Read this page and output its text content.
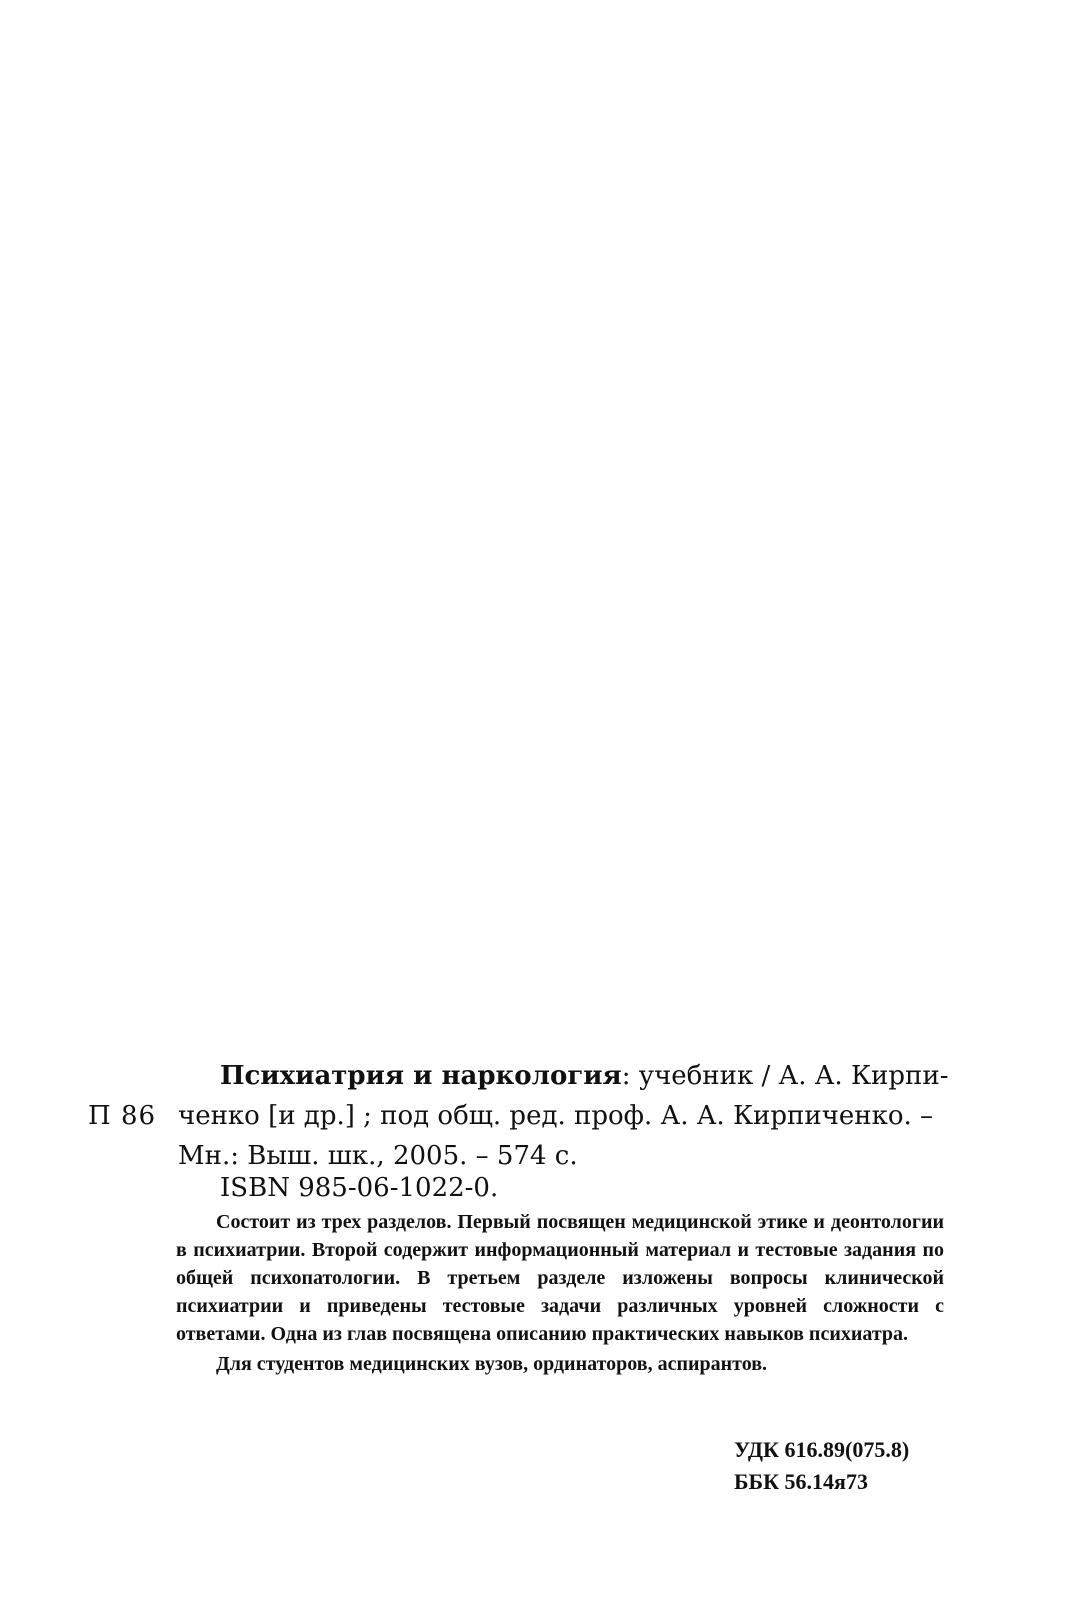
П 86
Психиатрия и наркология: учебник / А. А. Кирпи-
ченко [и др.] ; под общ. ред. проф. А. А. Кирпиченко. –
Мн.: Выш. шк., 2005. – 574 с.
ISBN 985-06-1022-0.

Состоит из трех разделов. Первый посвящен медицинской этике и деонтологии в психиатрии. Второй содержит информационный материал и тестовые задания по общей психопатологии. В третьем разделе изложены вопросы клинической психиатрии и приведены тестовые задачи различных уровней сложности с ответами. Одна из глав посвящена описанию практических навыков психиатра.

Для студентов медицинских вузов, ординаторов, аспирантов.

УДК 616.89(075.8)
ББК 56.14я73
